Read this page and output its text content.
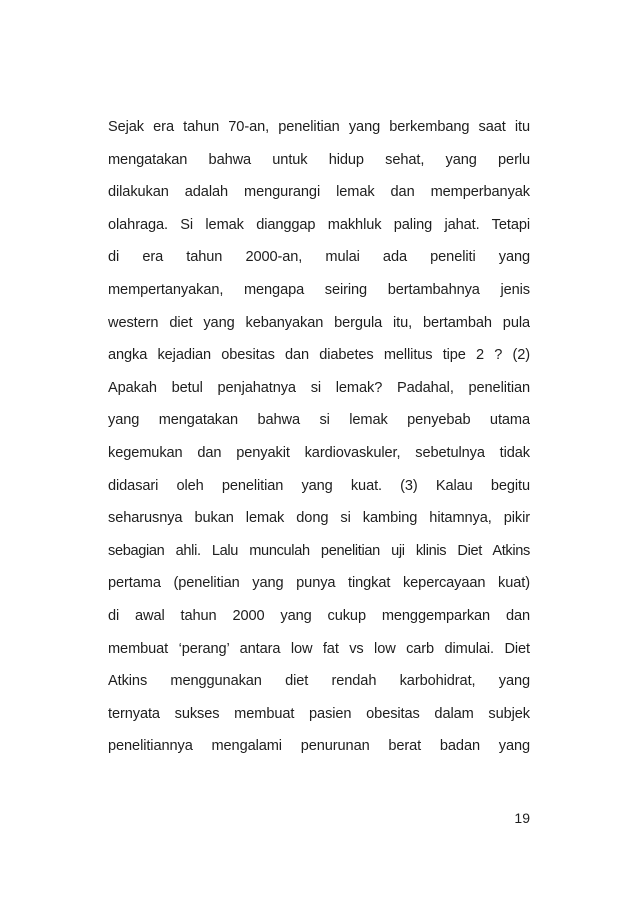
Sejak era tahun 70-an, penelitian yang berkembang saat itu
mengatakan bahwa untuk hidup sehat, yang perlu
dilakukan adalah mengurangi lemak dan memperbanyak
olahraga. Si lemak dianggap makhluk paling jahat. Tetapi
di era tahun 2000-an, mulai ada peneliti yang
mempertanyakan, mengapa seiring bertambahnya jenis
western diet yang kebanyakan bergula itu, bertambah pula
angka kejadian obesitas dan diabetes mellitus tipe 2 ? (2)
Apakah betul penjahatnya si lemak? Padahal, penelitian
yang mengatakan bahwa si lemak penyebab utama
kegemukan dan penyakit kardiovaskuler, sebetulnya tidak
didasari oleh penelitian yang kuat. (3) Kalau begitu
seharusnya bukan lemak dong si kambing hitamnya, pikir
sebagian ahli. Lalu munculah penelitian uji klinis Diet Atkins
pertama (penelitian yang punya tingkat kepercayaan kuat)
di awal tahun 2000 yang cukup menggemparkan dan
membuat ‘perang’ antara low fat vs low carb dimulai. Diet
Atkins menggunakan diet rendah karbohidrat, yang
ternyata sukses membuat pasien obesitas dalam subjek
penelitiannya mengalami penurunan berat badan yang
19
